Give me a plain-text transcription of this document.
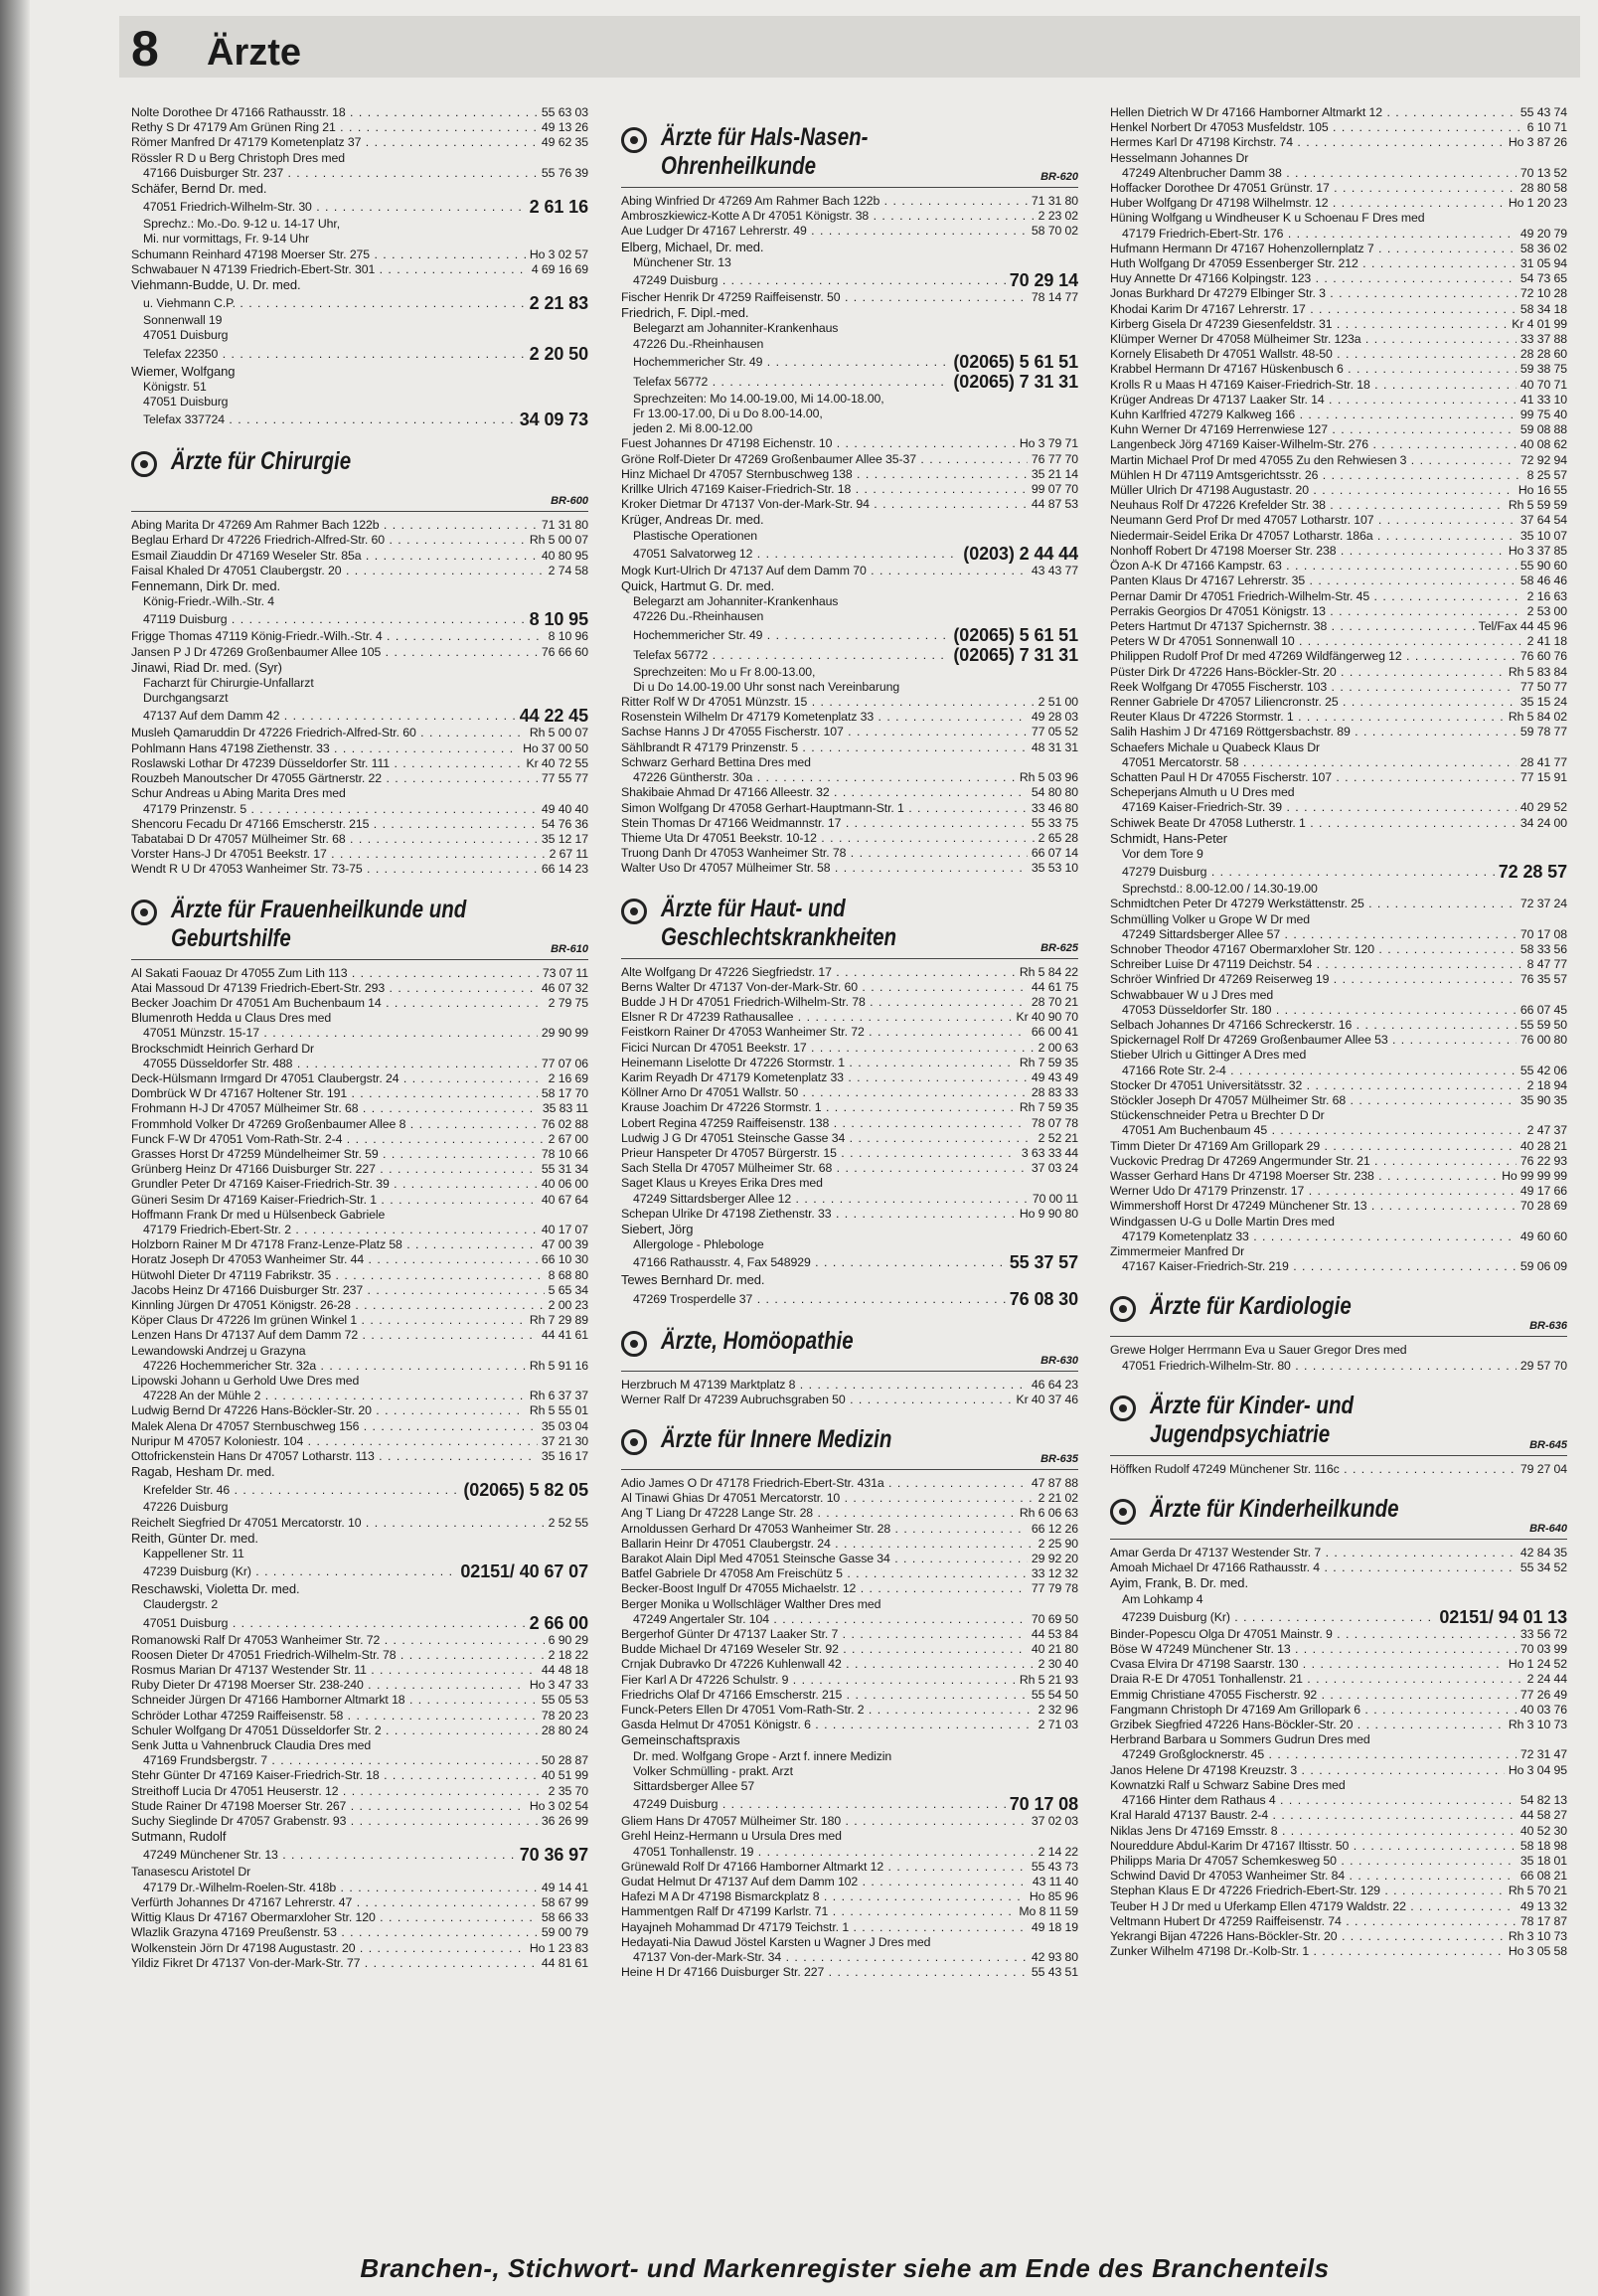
8 Ärzte
Nolte Dorothee Dr 47166 Rathausstr. 18 . . .	55 63 03
Rethy S Dr 47179 Am Grünen Ring 21 . . .	49 13 26
Römer Manfred Dr 47179 Kometenplatz 37 . . .	49 62 35
Rössler R D u Berg Christoph Dres med
47166 Duisburger Str. 237 . . .	55 76 39
Schäfer, Bernd Dr. med.
47051 Friedrich-Wilhelm-Str. 30 . . .	2 61 16
Sprechz.: Mo.-Do. 9-12 u. 14-17 Uhr,
Mi. nur vormittags, Fr. 9-14 Uhr
Schumann Reinhard 47198 Moerser Str. 275 . . .	Ho 3 02 57
Schwabauer N 47139 Friedrich-Ebert-Str. 301 . . .	4 69 16 69
Viehmann-Budde, U. Dr. med.
u. Viehmann C.P. . . .	2 21 83
Sonnenwall 19
47051 Duisburg
Telefax 22350 . . .	2 20 50
Wiemer, Wolfgang
Königstr. 51
47051 Duisburg
Telefax 337724 . . .	34 09 73
Ärzte für Chirurgie
BR-600
Abing Marita Dr 47269 Am Rahmer Bach 122b . . .	71 31 80
Beglau Erhard Dr 47226 Friedrich-Alfred-Str. 60 . . .	Rh 5 00 07
Esmail Ziauddin Dr 47169 Weseler Str. 85a . . .	40 80 95
Faisal Khaled Dr 47051 Claubergstr. 20 . . .	2 74 58
Fennemann, Dirk Dr. med.
König-Friedr.-Wilh.-Str. 4
47119 Duisburg . . .	8 10 95
Frigge Thomas 47119 König-Friedr.-Wilh.-Str. 4 . . .	8 10 96
Jansen P J Dr 47269 Großenbaumer Allee 105 . . .	76 66 60
Jinawi, Riad Dr. med. (Syr)
Facharzt für Chirurgie-Unfallarzt
Durchgangsarzt
47137 Auf dem Damm 42 . . .	44 22 45
Musleh Qamaruddin Dr 47226 Friedrich-Alfred-Str. 60 . . .	Rh 5 00 07
Pohlmann Hans 47198 Ziethenstr. 33 . . .	Ho 37 00 50
Roslawski Lothar Dr 47239 Düsseldorfer Str. 111 . . .	Kr 40 72 55
Rouzbeh Manoutscher Dr 47055 Gärtnerstr. 22 . . .	77 55 77
Schur Andreas u Abing Marita Dres med
47179 Prinzenstr. 5 . . .	49 40 40
Shencoru Fecadu Dr 47166 Emscherstr. 215 . . .	54 76 36
Tabatabai D Dr 47057 Mülheimer Str. 68 . . .	35 12 17
Vorster Hans-J Dr 47051 Beekstr. 17 . . .	2 67 11
Wendt R U Dr 47053 Wanheimer Str. 73-75 . . .	66 14 23
Ärzte für Frauenheilkunde und
Geburtshilfe	BR-610
Al Sakati Faouaz Dr 47055 Zum Lith 113 . . .	73 07 11
Atai Massoud Dr 47139 Friedrich-Ebert-Str. 293 . . .	46 07 32
Becker Joachim Dr 47051 Am Buchenbaum 14 . . .	2 79 75
Blumenroth Hedda u Claus Dres med
47051 Münzstr. 15-17 . . .	29 90 99
Brockschmidt Heinrich Gerhard Dr
47055 Düsseldorfer Str. 488 . . .	77 07 06
Deck-Hülsmann Irmgard Dr 47051 Claubergstr. 24 . . .	2 16 69
Dombrück W Dr 47167 Holtener Str. 191 . . .	58 17 70
Frohmann H-J Dr 47057 Mülheimer Str. 68 . . .	35 83 11
Frommhold Volker Dr 47269 Großenbaumer Allee 8 . . .	76 02 88
Funck F-W Dr 47051 Vom-Rath-Str. 2-4 . . .	2 67 00
Grasses Horst Dr 47259 Mündelheimer Str. 59 . . .	78 10 66
Grünberg Heinz Dr 47166 Duisburger Str. 227 . . .	55 31 34
Grundler Peter Dr 47169 Kaiser-Friedrich-Str. 39 . . .	40 06 00
Günerі Sesim Dr 47169 Kaiser-Friedrich-Str. 1 . . .	40 67 64
Hoffmann Frank Dr med u Hülsenbeck Gabriele
47179 Friedrich-Ebert-Str. 2 . . .	40 17 07
Holzborn Rainer M Dr 47178 Franz-Lenze-Platz 58 . . .	47 00 39
Horatz Joseph Dr 47053 Wanheimer Str. 44 . . .	66 10 30
Hütwohl Dieter Dr 47119 Fabrikstr. 35 . . .	8 68 80
Jacobs Heinz Dr 47166 Duisburger Str. 237 . . .	5 65 34
Kinnling Jürgen Dr 47051 Königstr. 26-28 . . .	2 00 23
Köper Claus Dr 47226 Im grünen Winkel 1 . . .	Rh 7 29 89
Lenzen Hans Dr 47137 Auf dem Damm 72 . . .	44 41 61
Lewandowski Andrzej u Grazyna
47226 Hochemmericher Str. 32a . . .	Rh 5 91 16
Lipowski Johann u Gerhold Uwe Dres med
47228 An der Mühle 2 . . .	Rh 6 37 37
Ludwig Bernd Dr 47226 Hans-Böckler-Str. 20 . . .	Rh 5 55 01
Malek Alena Dr 47057 Sternbuschweg 156 . . .	35 03 04
Nuripur M 47057 Koloniestr. 104 . . .	37 21 30
Ottofrickenstein Hans Dr 47057 Lotharstr. 113 . . .	35 16 17
Ragab, Hesham Dr. med.
Krefelder Str. 46 . . .	(02065) 5 82 05
47226 Duisburg
Reichelt Siegfried Dr 47051 Mercatorstr. 10 . . .	2 52 55
Reith, Günter Dr. med.
Kappellener Str. 11
47239 Duisburg (Kr) . . .	02151/ 40 67 07
Reschawski, Violetta Dr. med.
Claudergstr. 2
47051 Duisburg . . .	2 66 00
Romanowski Ralf Dr 47053 Wanheimer Str. 72 . . .	6 90 29
Roosen Dieter Dr 47051 Friedrich-Wilhelm-Str. 78 . . .	2 18 22
Rosmus Marian Dr 47137 Westender Str. 11 . . .	44 48 18
Ruby Dieter Dr 47198 Moerser Str. 238-240 . . .	Ho 3 47 33
Schneider Jürgen Dr 47166 Hamborner Altmarkt 18 . . .	55 05 53
Schröder Lothar 47259 Raiffeisenstr. 58 . . .	78 20 23
Schuler Wolfgang Dr 47051 Düsseldorfer Str. 2 . . .	28 80 24
Senk Jutta u Vahnenbruck Claudia Dres med
47169 Frundsbergstr. 7 . . .	50 28 87
Stehr Günter Dr 47169 Kaiser-Friedrich-Str. 18 . . .	40 51 99
Streithoff Lucia Dr 47051 Heuserstr. 12 . . .	2 35 70
Stude Rainer Dr 47198 Moerser Str. 267 . . .	Ho 3 02 54
Suchy Sieglinde Dr 47057 Grabenstr. 93 . . .	36 26 99
Sutmann, Rudolf
47249 Münchener Str. 13 . . .	70 36 97
Tanasescu Aristotel Dr
47179 Dr.-Wilhelm-Roelen-Str. 418b . . .	49 14 41
Verfürth Johannes Dr 47167 Lehrerstr. 47 . . .	58 67 99
Wittig Klaus Dr 47167 Obermarxloher Str. 120 . . .	58 66 33
Wlazlik Grazyna 47169 Preußenstr. 53 . . .	59 00 79
Wolkenstein Jörn Dr 47198 Augustastr. 20 . . .	Ho 1 23 83
Yildiz Fikret Dr 47137 Von-der-Mark-Str. 77 . . .	44 81 61
Ärzte für Hals-Nasen-
Ohrenheilkunde	BR-620
Abing Winfried Dr 47269 Am Rahmer Bach 122b . . .	71 31 80
Ambroszkiewicz-Kotte A Dr 47051 Königstr. 38 . . .	2 23 02
Aue Ludger Dr 47167 Lehrerstr. 49 . . .	58 70 02
Elberg, Michael, Dr. med.
Münchener Str. 13
47249 Duisburg . . .	70 29 14
Fischer Henrik Dr 47259 Raiffeisenstr. 50 . . .	78 14 77
Friedrich, F. Dipl.-med.
Belegarzt am Johanniter-Krankenhaus
47226 Du.-Rheinhausen
Hochemmericher Str. 49 . . .	(02065) 5 61 51
Telefax 56772 . . .	(02065) 7 31 31
Sprechzeiten: Mo 14.00-19.00, Mi 14.00-18.00,
Fr 13.00-17.00, Di u Do 8.00-14.00,
jeden 2. Mi 8.00-12.00
Fuest Johannes Dr 47198 Eichenstr. 10 . . .	Ho 3 79 71
Gröne Rolf-Dieter Dr 47269 Großenbaumer Allee 35-37 . . .	76 77 70
Hinz Michael Dr 47057 Sternbuschweg 138 . . .	35 21 14
Krillke Ulrich 47169 Kaiser-Friedrich-Str. 18 . . .	99 07 70
Kroker Dietmar Dr 47137 Von-der-Mark-Str. 94 . . .	44 87 53
Krüger, Andreas Dr. med.
Plastische Operationen
47051 Salvatorweg 12 . . .	(0203) 2 44 44
Mogk Kurt-Ulrich Dr 47137 Auf dem Damm 70 . . .	43 43 77
Quick, Hartmut G. Dr. med.
Belegarzt am Johanniter-Krankenhaus
47226 Du.-Rheinhausen
Hochemmericher Str. 49 . . .	(02065) 5 61 51
Telefax 56772 . . .	(02065) 7 31 31
Sprechzeiten: Mo u Fr 8.00-13.00,
Di u Do 14.00-19.00 Uhr sonst nach Vereinbarung
Ritter Rolf W Dr 47051 Münzstr. 15 . . .	2 51 00
Rosenstein Wilhelm Dr 47179 Kometenplatz 33 . . .	49 28 03
Sachse Hanns J Dr 47055 Fischerstr. 107 . . .	77 05 52
Sählbrandt R 47179 Prinzenstr. 5 . . .	48 31 31
Schwarz Gerhard Bettina Dres med
47226 Güntherstr. 30a . . .	Rh 5 03 96
Shakibaie Ahmad Dr 47166 Alleestr. 32 . . .	54 80 80
Simon Wolfgang Dr 47058 Gerhart-Hauptmann-Str. 1 . . .	33 46 80
Stein Thomas Dr 47166 Weidmannstr. 17 . . .	55 33 75
Thieme Uta Dr 47051 Beekstr. 10-12 . . .	2 65 28
Truong Danh Dr 47053 Wanheimer Str. 78 . . .	66 07 14
Walter Uso Dr 47057 Mülheimer Str. 58 . . .	35 53 10
Ärzte für Haut- und
Geschlechtskrankheiten	BR-625
Alte Wolfgang Dr 47226 Siegfriedstr. 17 . . .	Rh 5 84 22
Berns Walter Dr 47137 Von-der-Mark-Str. 60 . . .	44 61 75
Budde J H Dr 47051 Friedrich-Wilhelm-Str. 78 . . .	28 70 21
Elsner R Dr 47239 Rathausallee . . .	Kr 40 90 70
Feistkorn Rainer Dr 47053 Wanheimer Str. 72 . . .	66 00 41
Ficici Nurcan Dr 47051 Beekstr. 17 . . .	2 00 63
Heinemann Liselotte Dr 47226 Stormstr. 1 . . .	Rh 7 59 35
Karim Reyadh Dr 47179 Kometenplatz 33 . . .	49 43 49
Köllner Arno Dr 47051 Wallstr. 50 . . .	28 83 33
Krause Joachim Dr 47226 Stormstr. 1 . . .	Rh 7 59 35
Lobert Regina 47259 Raiffeisenstr. 138 . . .	78 07 78
Ludwig J G Dr 47051 Steinsche Gasse 34 . . .	2 52 21
Prieur Hanspeter Dr 47057 Bürgerstr. 15 . . .	3 63 33 44
Sach Stella Dr 47057 Mülheimer Str. 68 . . .	37 03 24
Saget Klaus u Kreyes Erika Dres med
47249 Sittardsberger Allee 12 . . .	70 00 11
Schepan Ulrike Dr 47198 Ziethenstr. 33 . . .	Ho 9 90 80
Siebert, Jörg
Allergologe - Phlebologe
47166 Rathausstr. 4, Fax 548929 . . .	55 37 57
Tewes Bernhard Dr. med.
47269 Trosperdelle 37 . . .	76 08 30
Ärzte, Homöopathie
BR-630
Herzbruch M 47139 Marktplatz 8 . . .	46 64 23
Werner Ralf Dr 47239 Aubruchsgraben 50 . . .	Kr 40 37 46
Ärzte für Innere Medizin
BR-635
Adio James O Dr 47178 Friedrich-Ebert-Str. 431a . . .	47 87 88
Al Tinawi Ghias Dr 47051 Mercatorstr. 10 . . .	2 21 02
Ang T Liang Dr 47228 Lange Str. 28 . . .	Rh 6 06 63
Arnoldussen Gerhard Dr 47053 Wanheimer Str. 28 . . .	66 12 26
Ballarin Heinr Dr 47051 Claubergstr. 24 . . .	2 25 90
Barakot Alain Dipl Med 47051 Steinsche Gasse 34 . . .	29 92 20
Batfel Gabriele Dr 47058 Am Freischütz 5 . . .	33 12 32
Becker-Boost Ingulf Dr 47055 Michaelstr. 12 . . .	77 79 78
Berger Monika u Wollschläger Walther Dres med
47249 Angertaler Str. 104 . . .	70 69 50
Bergerhof Günter Dr 47137 Laaker Str. 7 . . .	44 53 84
Budde Michael Dr 47169 Weseler Str. 92 . . .	40 21 80
Crnjak Dubravko Dr 47226 Kuhlenwall 42 . . .	2 30 40
Fier Karl A Dr 47226 Schulstr. 9 . . .	Rh 5 21 93
Friedrichs Olaf Dr 47166 Emscherstr. 215 . . .	55 54 50
Funck-Peters Ellen Dr 47051 Vom-Rath-Str. 2 . . .	2 32 96
Gasda Helmut Dr 47051 Königstr. 6 . . .	2 71 03
Gemeinschaftspraxis
Dr. med. Wolfgang Grope - Arzt f. innere Medizin
Volker Schmülling - prakt. Arzt
Sittardsberger Allee 57
47249 Duisburg . . .	70 17 08
Gliem Hans Dr 47057 Mülheimer Str. 180 . . .	37 02 03
Grehl Heinz-Hermann u Ursula Dres med
47051 Tonhallenstr. 19 . . .	2 14 22
Grünewald Rolf Dr 47166 Hamborner Altmarkt 12 . . .	55 43 73
Gudat Helmut Dr 47137 Auf dem Damm 102 . . .	43 11 40
Hafezi M A Dr 47198 Bismarckplatz 8 . . .	Ho 85 96
Hammentgen Ralf Dr 47199 Karlstr. 71 . . .	Mo 8 11 59
Hayajneh Mohammad Dr 47179 Teichstr. 1 . . .	49 18 19
Hedayati-Nia Dawud Jöstel Karsten u Wagner J Dres med
47137 Von-der-Mark-Str. 34 . . .	42 93 80
Heine H Dr 47166 Duisburger Str. 227 . . .	55 43 51
Hellen Dietrich W Dr 47166 Hamborner Altmarkt 12 . . .	55 43 74
Henkel Norbert Dr 47053 Musfeldstr. 105 . . .	6 10 71
Hermes Karl Dr 47198 Kirchstr. 74 . . .	Ho 3 87 26
Hesselmann Johannes Dr
47249 Altenbrucher Damm 38 . . .	70 13 52
Hoffacker Dorothee Dr 47051 Grünstr. 17 . . .	28 80 58
Huber Wolfgang Dr 47198 Wilhelmstr. 12 . . .	Ho 1 20 23
Hüning Wolfgang u Windheuser K u Schoenau F Dres med
47179 Friedrich-Ebert-Str. 176 . . .	49 20 79
Hufmann Hermann Dr 47167 Hohenzollernplatz 7 . . .	58 36 02
Huth Wolfgang Dr 47059 Essenberger Str. 212 . . .	31 05 94
Huy Annette Dr 47166 Kolpingstr. 123 . . .	54 73 65
Jonas Burkhard Dr 47279 Elbinger Str. 3 . . .	72 10 28
Khodai Karim Dr 47167 Lehrerstr. 17 . . .	58 34 18
Kirberg Gisela Dr 47239 Giesenfeldstr. 31 . . .	Kr 4 01 99
Klümper Werner Dr 47058 Mülheimer Str. 123a . . .	33 37 88
Kornely Elisabeth Dr 47051 Wallstr. 48-50 . . .	28 28 60
Krabbel Hermann Dr 47167 Hüskenbusch 6 . . .	59 38 75
Krolls R u Maas H 47169 Kaiser-Friedrich-Str. 18 . . .	40 70 71
Krüger Andreas Dr 47137 Laaker Str. 14 . . .	41 33 10
Kuhn Karlfried 47279 Kalkweg 166 . . .	99 75 40
Kuhn Werner Dr 47169 Herrenwiese 127 . . .	59 08 88
Langenbeck Jörg 47169 Kaiser-Wilhelm-Str. 276 . . .	40 08 62
Martin Michael Prof Dr med 47055 Zu den Rehwiesen 3 . . .	72 92 94
Mühlen H Dr 47119 Amtsgerichtsstr. 26 . . .	8 25 57
Müller Ulrich Dr 47198 Augustastr. 20 . . .	Ho 16 55
Neuhaus Rolf Dr 47226 Krefelder Str. 38 . . .	Rh 5 59 59
Neumann Gerd Prof Dr med 47057 Lotharstr. 107 . . .	37 64 54
Niedermair-Seidel Erika Dr 47057 Lotharstr. 186a . . .	35 10 07
Nonhoff Robert Dr 47198 Moerser Str. 238 . . .	Ho 3 37 85
Özon A-K Dr 47166 Kampstr. 63 . . .	55 90 60
Panten Klaus Dr 47167 Lehrerstr. 35 . . .	58 46 46
Pernar Damir Dr 47051 Friedrich-Wilhelm-Str. 45 . . .	2 16 63
Perrakis Georgios Dr 47051 Königstr. 13 . . .	2 53 00
Peters Hartmut Dr 47137 Spichernstr. 38 . . .	Tel/Fax 44 45 96
Peters W Dr 47051 Sonnenwall 10 . . .	2 41 18
Philippen Rudolf Prof Dr med 47269 Wildfängerweg 12 . . .	76 60 76
Püster Dirk Dr 47226 Hans-Böckler-Str. 20 . . .	Rh 5 83 84
Reek Wolfgang Dr 47055 Fischerstr. 103 . . .	77 50 77
Renner Gabriele Dr 47057 Liliencronstr. 25 . . .	35 15 24
Reuter Klaus Dr 47226 Stormstr. 1 . . .	Rh 5 84 02
Salih Hashim J Dr 47169 Röttgersbachstr. 89 . . .	59 78 77
Schaefers Michale u Quabeck Klaus Dr
47051 Mercatorstr. 58 . . .	28 41 77
Schatten Paul H Dr 47055 Fischerstr. 107 . . .	77 15 91
Scheperjans Almuth u U Dres med
47169 Kaiser-Friedrich-Str. 39 . . .	40 29 52
Schiwek Beate Dr 47058 Lutherstr. 1 . . .	34 24 00
Schmidt, Hans-Peter
Vor dem Tore 9
47279 Duisburg . . .	72 28 57
Sprechstd.: 8.00-12.00 / 14.30-19.00
Schmidtchen Peter Dr 47279 Werkstättenstr. 25 . . .	72 37 24
Schmülling Volker u Grope W Dr med
47249 Sittardsberger Allee 57 . . .	70 17 08
Schnober Theodor 47167 Obermarxloher Str. 120 . . .	58 33 56
Schreiber Luise Dr 47119 Deichstr. 54 . . .	8 47 77
Schröer Winfried Dr 47269 Reiserweg 19 . . .	76 35 57
Schwabbauer W u J Dres med
47053 Düsseldorfer Str. 180 . . .	66 07 45
Selbach Johannes Dr 47166 Schreckerstr. 16 . . .	55 59 50
Spickernagel Rolf Dr 47269 Großenbaumer Allee 53 . . .	76 00 80
Stieber Ulrich u Gittinger A Dres med
47166 Rote Str. 2-4 . . .	55 42 06
Stocker Dr 47051 Universitätsstr. 32 . . .	2 18 94
Stöckler Joseph Dr 47057 Mülheimer Str. 68 . . .	35 90 35
Stückenschneider Petra u Brechter D Dr
47051 Am Buchenbaum 45 . . .	2 47 37
Timm Dieter Dr 47169 Am Grillopark 29 . . .	40 28 21
Vuckovic Predrag Dr 47269 Angermunder Str. 21 . . .	76 22 93
Wasser Gerhard Hans Dr 47198 Moerser Str. 238 . . .	Ho 99 99 99
Werner Udo Dr 47179 Prinzenstr. 17 . . .	49 17 66
Wimmershoff Horst Dr 47249 Münchener Str. 13 . . .	70 28 69
Windgassen U-G u Dolle Martin Dres med
47179 Kometenplatz 33 . . .	49 60 60
Zimmermeier Manfred Dr
47167 Kaiser-Friedrich-Str. 219 . . .	59 06 09
Ärzte für Kardiologie
BR-636
Grewe Holger Herrmann Eva u Sauer Gregor Dres med
47051 Friedrich-Wilhelm-Str. 80 . . .	29 57 70
Ärzte für Kinder- und
Jugendpsychiatrie	BR-645
Höffken Rudolf 47249 Münchener Str. 116c . . .	79 27 04
Ärzte für Kinderheilkunde
BR-640
Amar Gerda Dr 47137 Westender Str. 7 . . .	42 84 35
Amoah Michael Dr 47166 Rathausstr. 4 . . .	55 34 52
Ayim, Frank, B. Dr. med.
Am Lohkamp 4
47239 Duisburg (Kr) . . .	02151/ 94 01 13
Binder-Popescu Olga Dr 47051 Mainstr. 9 . . .	33 56 72
Böse W 47249 Münchener Str. 13 . . .	70 03 99
Cvasa Elvira Dr 47198 Saarstr. 130 . . .	Ho 1 24 52
Draia R-E Dr 47051 Tonhallenstr. 21 . . .	2 24 44
Emmig Christiane 47055 Fischerstr. 92 . . .	77 26 49
Fangmann Christoph Dr 47169 Am Grillopark 6 . . .	40 03 76
Grzibek Siegfried 47226 Hans-Böckler-Str. 20 . . .	Rh 3 10 73
Herbrand Barbara u Sommers Gudrun Dres med
47249 Großglocknerstr. 45 . . .	72 31 47
Janos Helene Dr 47198 Kreuzstr. 3 . . .	Ho 3 04 95
Kownatzki Ralf u Schwarz Sabine Dres med
47166 Hinter dem Rathaus 4 . . .	54 82 13
Kral Harald 47137 Baustr. 2-4 . . .	44 58 27
Niklas Jens Dr 47169 Emsstr. 8 . . .	40 52 30
Noureddure Abdul-Karim Dr 47167 Iltisstr. 50 . . .	58 18 98
Philipps Maria Dr 47057 Schemkesweg 50 . . .	35 18 01
Schwind David Dr 47053 Wanheimer Str. 84 . . .	66 08 21
Stephan Klaus E Dr 47226 Friedrich-Ebert-Str. 129 . . .	Rh 5 70 21
Teuber H J Dr med u Uferkamp Ellen 47179 Waldstr. 22 . . .	49 13 32
Veltmann Hubert Dr 47259 Raiffeisenstr. 74 . . .	78 17 87
Yekrangi Bijan 47226 Hans-Böckler-Str. 20 . . .	Rh 3 10 73
Zunker Wilhelm 47198 Dr.-Kolb-Str. 1 . . .	Ho 3 05 58
Branchen-, Stichwort- und Markenregister siehe am Ende des Branchenteils
